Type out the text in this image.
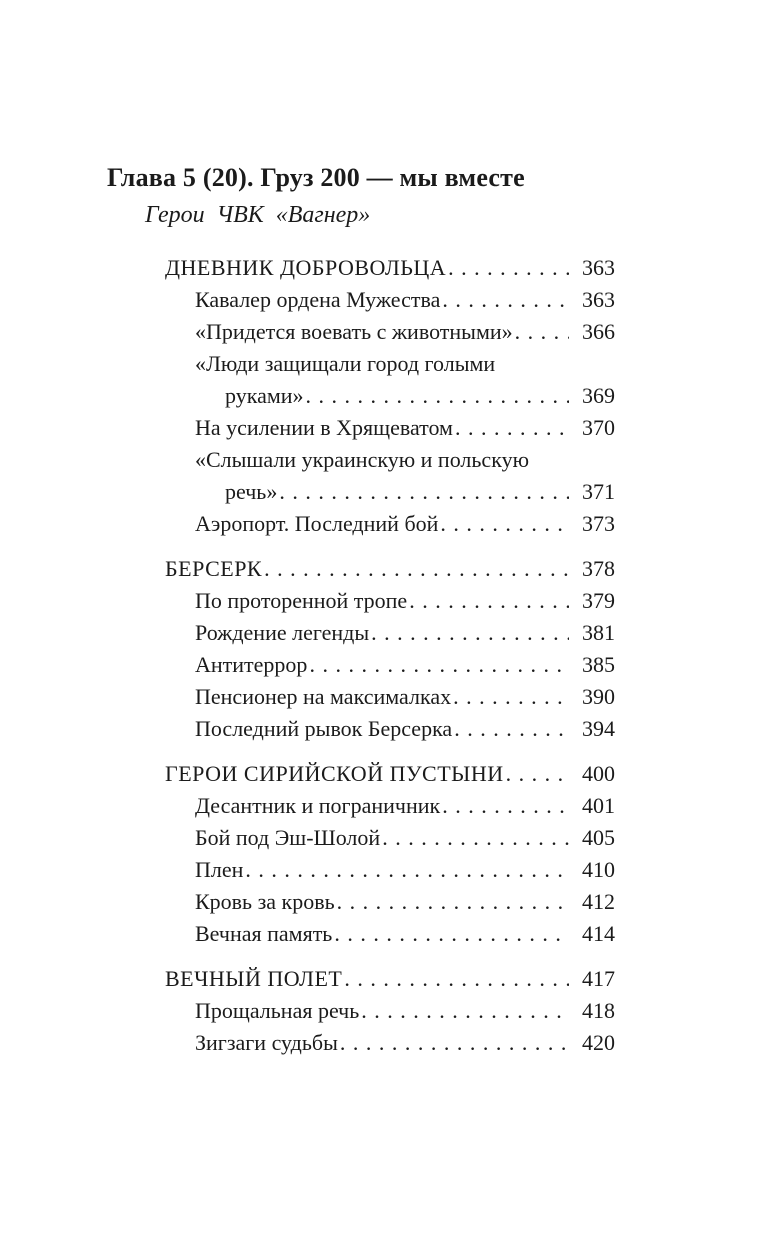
Глава 5 (20). Груз 200 — мы вместе
Герои ЧВК «Вагнер»
ДНЕВНИК ДОБРОВОЛЬЦА . . .	363
Кавалер ордена Мужества . . .	363
«Придется воевать с животными» . . .	366
«Люди защищали город голыми
руками» . . .	369
На усилении в Хрящеватом . . .	370
«Слышали украинскую и польскую
речь» . . .	371
Аэропорт. Последний бой . . .	373
БЕРСЕРК . . .	378
По проторенной тропе . . .	379
Рождение легенды . . .	381
Антитеррор . . .	385
Пенсионер на максималках . . .	390
Последний рывок Берсерка . . .	394
ГЕРОИ СИРИЙСКОЙ ПУСТЫНИ . . .	400
Десантник и пограничник . . .	401
Бой под Эш-Шолой . . .	405
Плен . . .	410
Кровь за кровь . . .	412
Вечная память . . .	414
ВЕЧНЫЙ ПОЛЕТ . . .	417
Прощальная речь . . .	418
Зигзаги судьбы . . .	420
